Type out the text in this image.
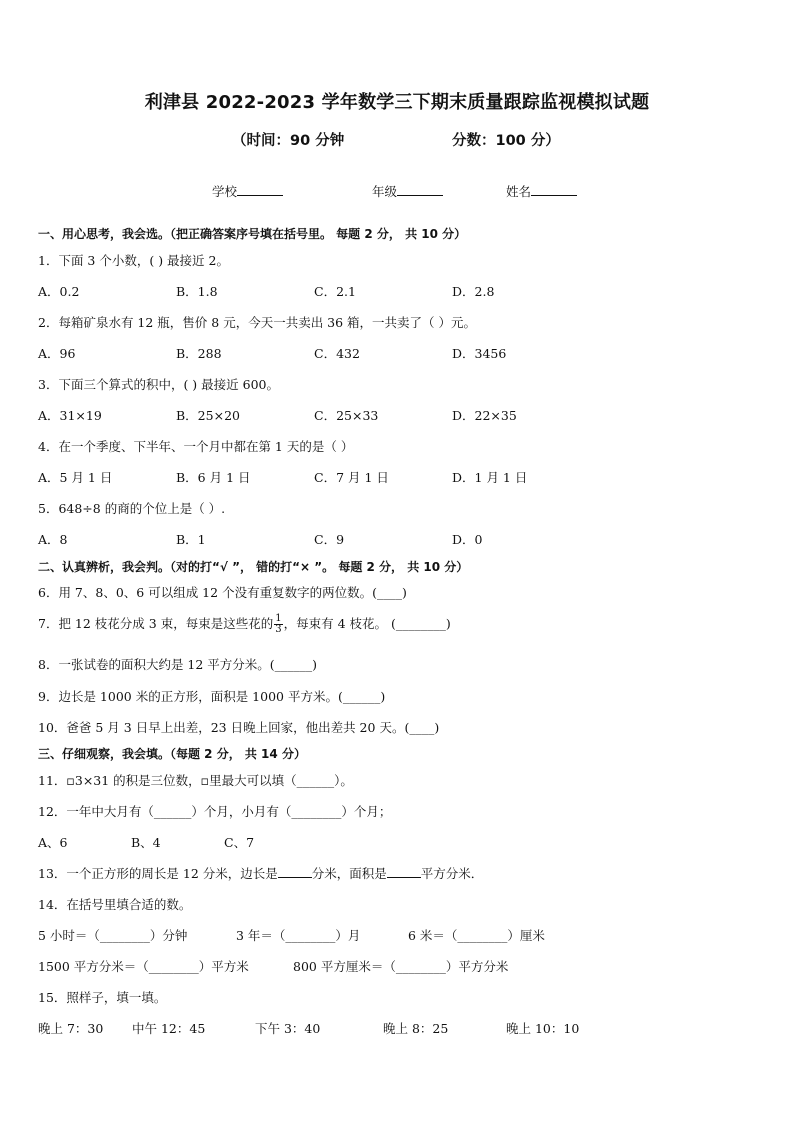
利津县 2022-2023 学年数学三下期末质量跟踪监视模拟试题
（时间：90 分钟	分数：100 分）
学校	年级	姓名
一、用心思考，我会选。（把正确答案序号填在括号里。 每题 2 分， 共 10 分）
1．下面 3 个小数，( ) 最接近 2。
A．0.2	B．1.8	C．2.1	D．2.8
2．每箱矿泉水有 12 瓶，售价 8 元，今天一共卖出 36 箱，一共卖了（ ）元。
A．96	B．288	C．432	D．3456
3．下面三个算式的积中，( ) 最接近 600。
A．31×19	B．25×20	C．25×33	D．22×35
4．在一个季度、下半年、一个月中都在第 1 天的是（ ）
A．5 月 1 日	B．6 月 1 日	C．7 月 1 日	D．1 月 1 日
5．648÷8 的商的个位上是（ ）.
A．8	B．1	C．9	D．0
二、认真辨析，我会判。（对的打“√ ”， 错的打“× ”。 每题 2 分， 共 10 分）
6．用 7、8、0、6 可以组成 12 个没有重复数字的两位数。(____)
7．把 12 枝花分成 3 束，每束是这些花的 $\frac{1}{3}$ ，每束有 4 枝花。 (________)
8．一张试卷的面积大约是 12 平方分米。(______)
9．边长是 1000 米的正方形，面积是 1000 平方米。(______)
10．爸爸 5 月 3 日早上出差，23 日晚上回家，他出差共 20 天。(____)
三、仔细观察，我会填。（每题 2 分， 共 14 分）
11．▫3×31 的积是三位数，▫里最大可以填（______）。
12．一年中大月有（______）个月，小月有（________）个月；
A、6	B、4	C、7
13．一个正方形的周长是 12 分米，边长是	分米，面积是	平方分米．
14．在括号里填合适的数。
5 小时＝（________）分钟	3 年＝（________）月	6 米＝（________）厘米
1500 平方分米＝（________）平方米	800 平方厘米＝（________）平方分米
15．照样子，填一填。
晚上 7：30 中午 12：45	下午 3：40	晚上 8：25	晚上 10：10
